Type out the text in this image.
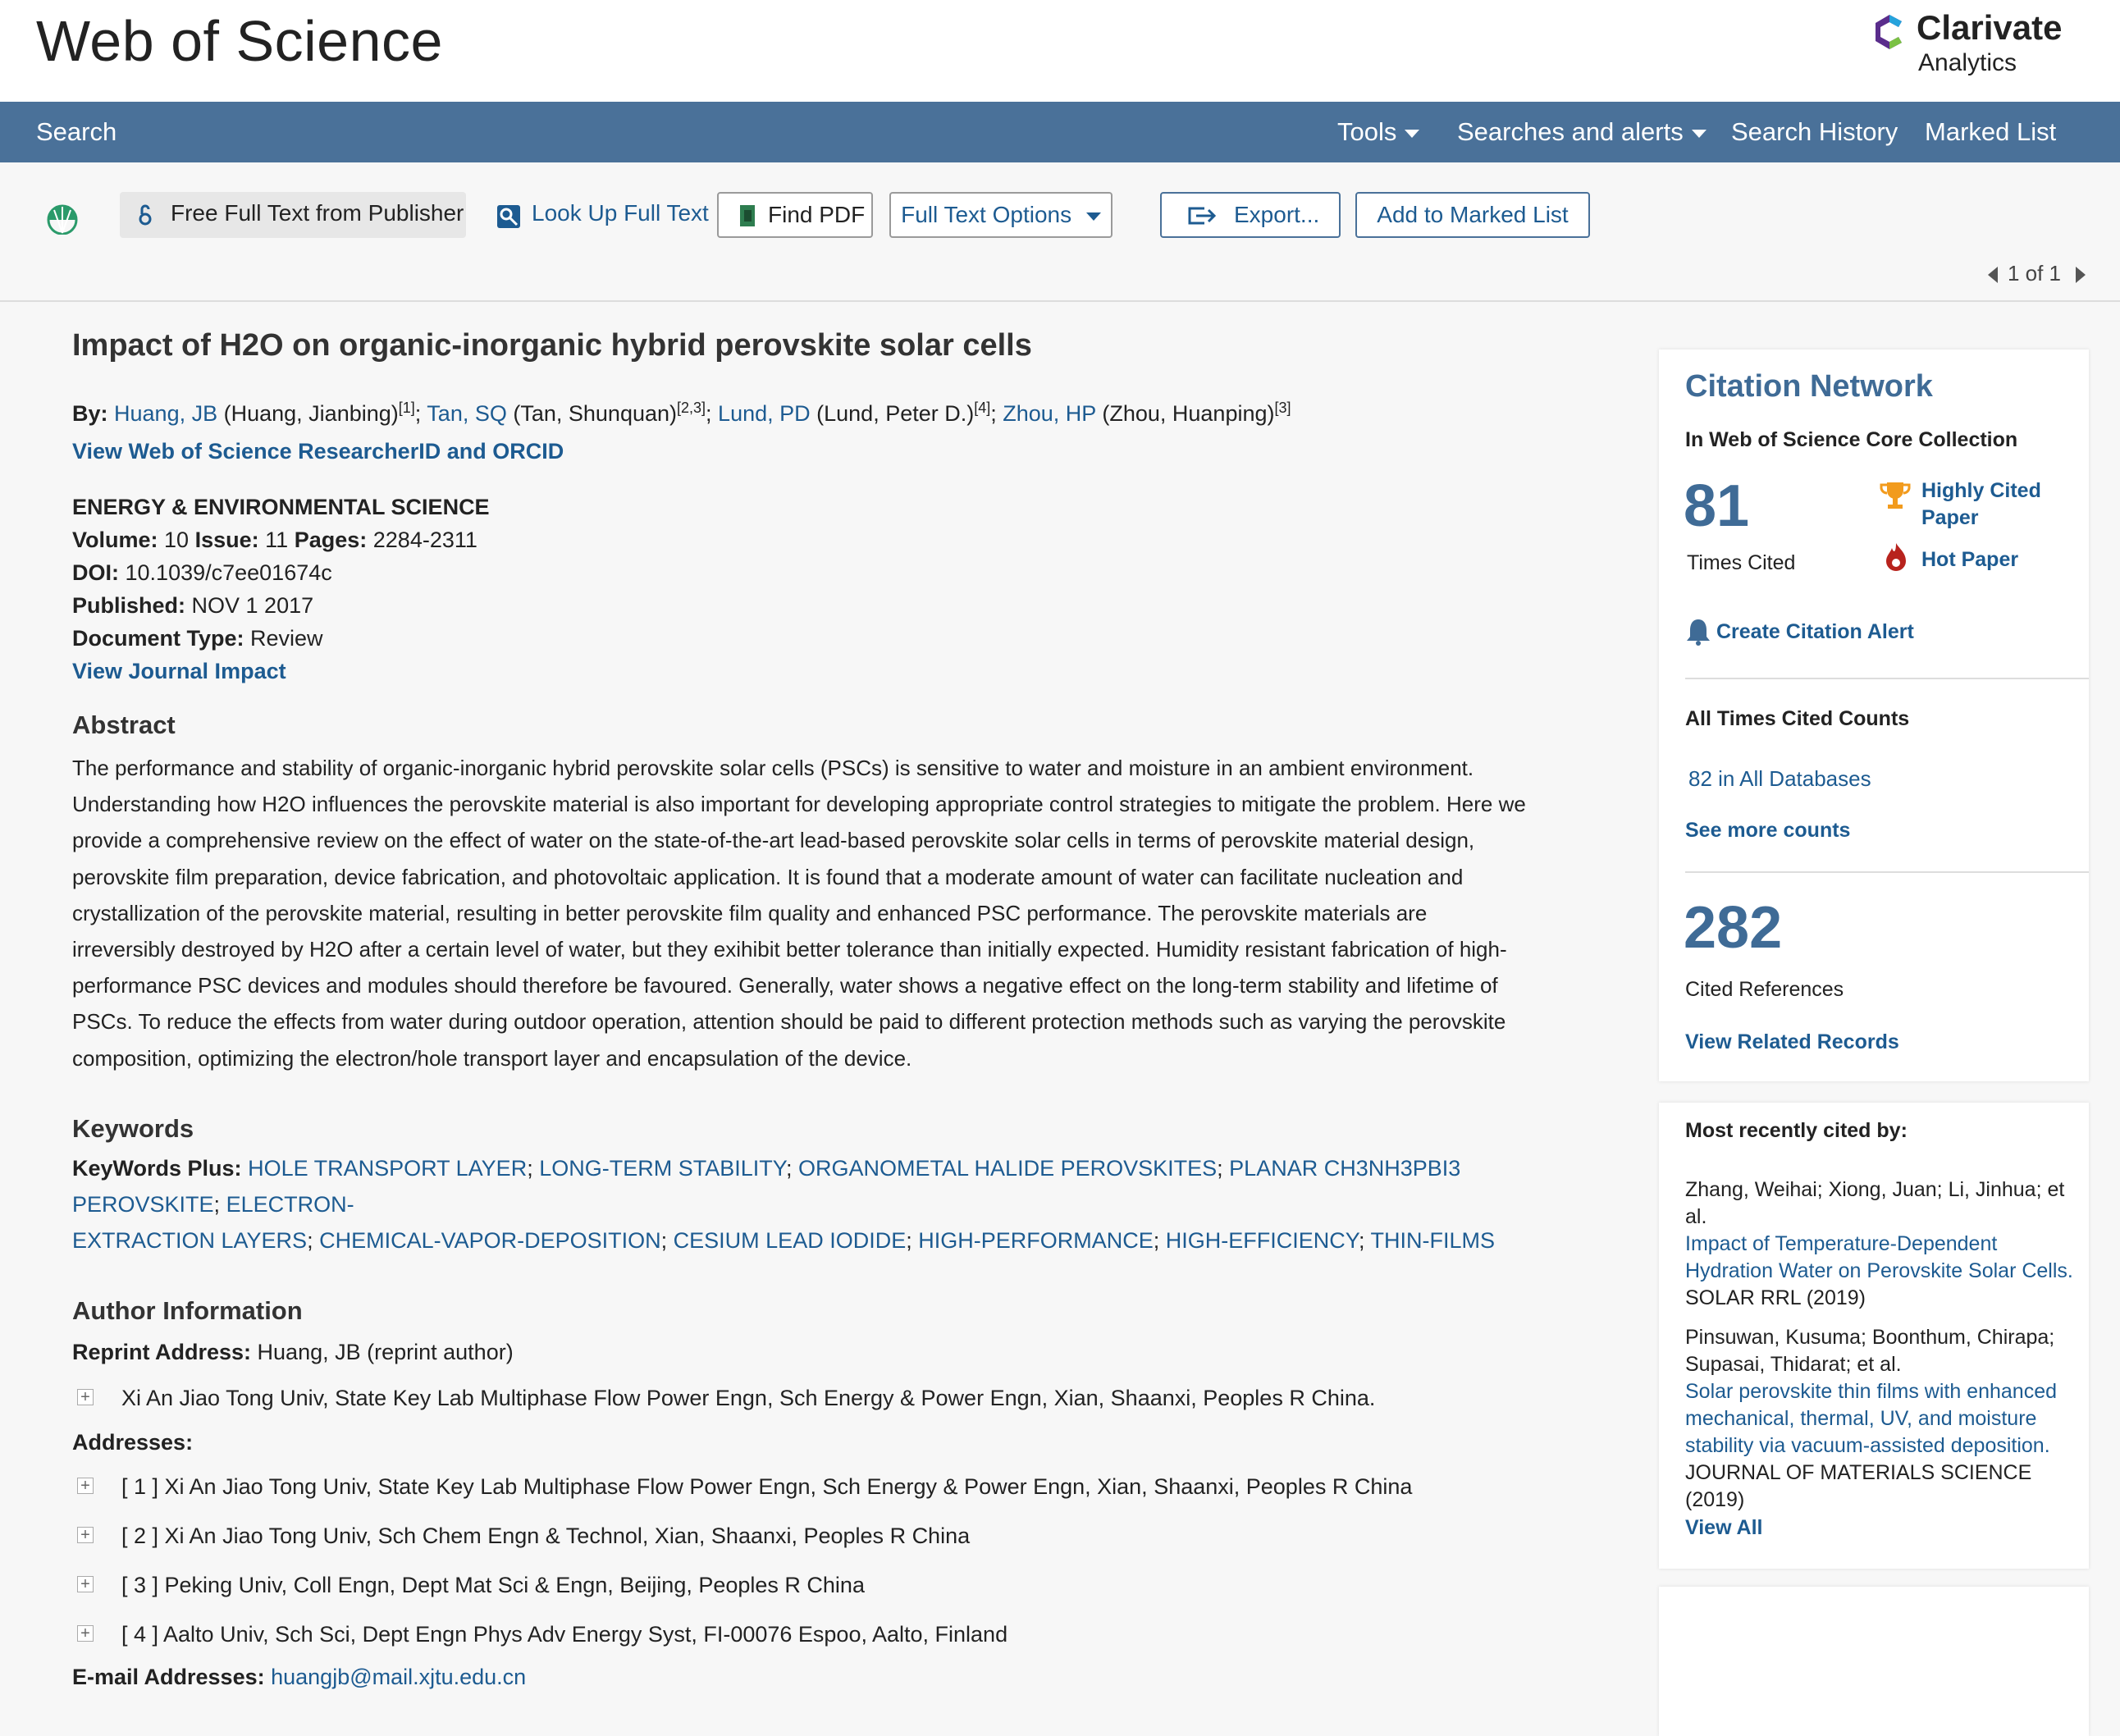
Web of Science	Clarivate
Analytics
Search	Tools	Searches and alerts	Search History Marked List
Free Full Text from Publisher	Look Up Full Text	Find PDF	Full Text Options	Export...	Add to Marked List
1 of 1
Impact of H2O on organic-inorganic hybrid perovskite solar cells
By: Huang, JB (Huang, Jianbing)[1]; Tan, SQ (Tan, Shunquan)[2,3]; Lund, PD (Lund, Peter D.)[4]; Zhou, HP (Zhou, Huanping)[3]
View Web of Science ResearcherID and ORCID
ENERGY & ENVIRONMENTAL SCIENCE
Volume: 10 Issue: 11 Pages: 2284-2311
DOI: 10.1039/c7ee01674c
Published: NOV 1 2017
Document Type: Review
View Journal Impact
Abstract
The performance and stability of organic-inorganic hybrid perovskite solar cells (PSCs) is sensitive to water and moisture in an ambient environment.
Understanding how H2O influences the perovskite material is also important for developing appropriate control strategies to mitigate the problem. Here we
provide a comprehensive review on the effect of water on the state-of-the-art lead-based perovskite solar cells in terms of perovskite material design,
perovskite film preparation, device fabrication, and photovoltaic application. It is found that a moderate amount of water can facilitate nucleation and
crystallization of the perovskite material, resulting in better perovskite film quality and enhanced PSC performance. The perovskite materials are
irreversibly destroyed by H2O after a certain level of water, but they exihibit better tolerance than initially expected. Humidity resistant fabrication of high-
performance PSC devices and modules should therefore be favoured. Generally, water shows a negative effect on the long-term stability and lifetime of
PSCs. To reduce the effects from water during outdoor operation, attention should be paid to different protection methods such as varying the perovskite
composition, optimizing the electron/hole transport layer and encapsulation of the device.
Keywords
KeyWords Plus: HOLE TRANSPORT LAYER; LONG-TERM STABILITY; ORGANOMETAL HALIDE PEROVSKITES; PLANAR CH3NH3PBI3 PEROVSKITE; ELECTRON-
EXTRACTION LAYERS; CHEMICAL-VAPOR-DEPOSITION; CESIUM LEAD IODIDE; HIGH-PERFORMANCE; HIGH-EFFICIENCY; THIN-FILMS
Author Information
Reprint Address: Huang, JB (reprint author)
+ Xi An Jiao Tong Univ, State Key Lab Multiphase Flow Power Engn, Sch Energy & Power Engn, Xian, Shaanxi, Peoples R China.
Addresses:
+ [ 1 ] Xi An Jiao Tong Univ, State Key Lab Multiphase Flow Power Engn, Sch Energy & Power Engn, Xian, Shaanxi, Peoples R China
+ [ 2 ] Xi An Jiao Tong Univ, Sch Chem Engn & Technol, Xian, Shaanxi, Peoples R China
+ [ 3 ] Peking Univ, Coll Engn, Dept Mat Sci & Engn, Beijing, Peoples R China
+ [ 4 ] Aalto Univ, Sch Sci, Dept Engn Phys Adv Energy Syst, FI-00076 Espoo, Aalto, Finland
E-mail Addresses: huangjb@mail.xjtu.edu.cn
Citation Network
In Web of Science Core Collection
81
Times Cited
Highly Cited
Paper
Hot Paper
Create Citation Alert
All Times Cited Counts
82 in All Databases
See more counts
282
Cited References
View Related Records
Most recently cited by:
Zhang, Weihai; Xiong, Juan; Li, Jinhua; et
al.
Impact of Temperature-Dependent
Hydration Water on Perovskite Solar Cells.
SOLAR RRL (2019)
Pinsuwan, Kusuma; Boonthum, Chirapa;
Supasai, Thidarat; et al.
Solar perovskite thin films with enhanced
mechanical, thermal, UV, and moisture
stability via vacuum-assisted deposition.
JOURNAL OF MATERIALS SCIENCE (2019)
View All
